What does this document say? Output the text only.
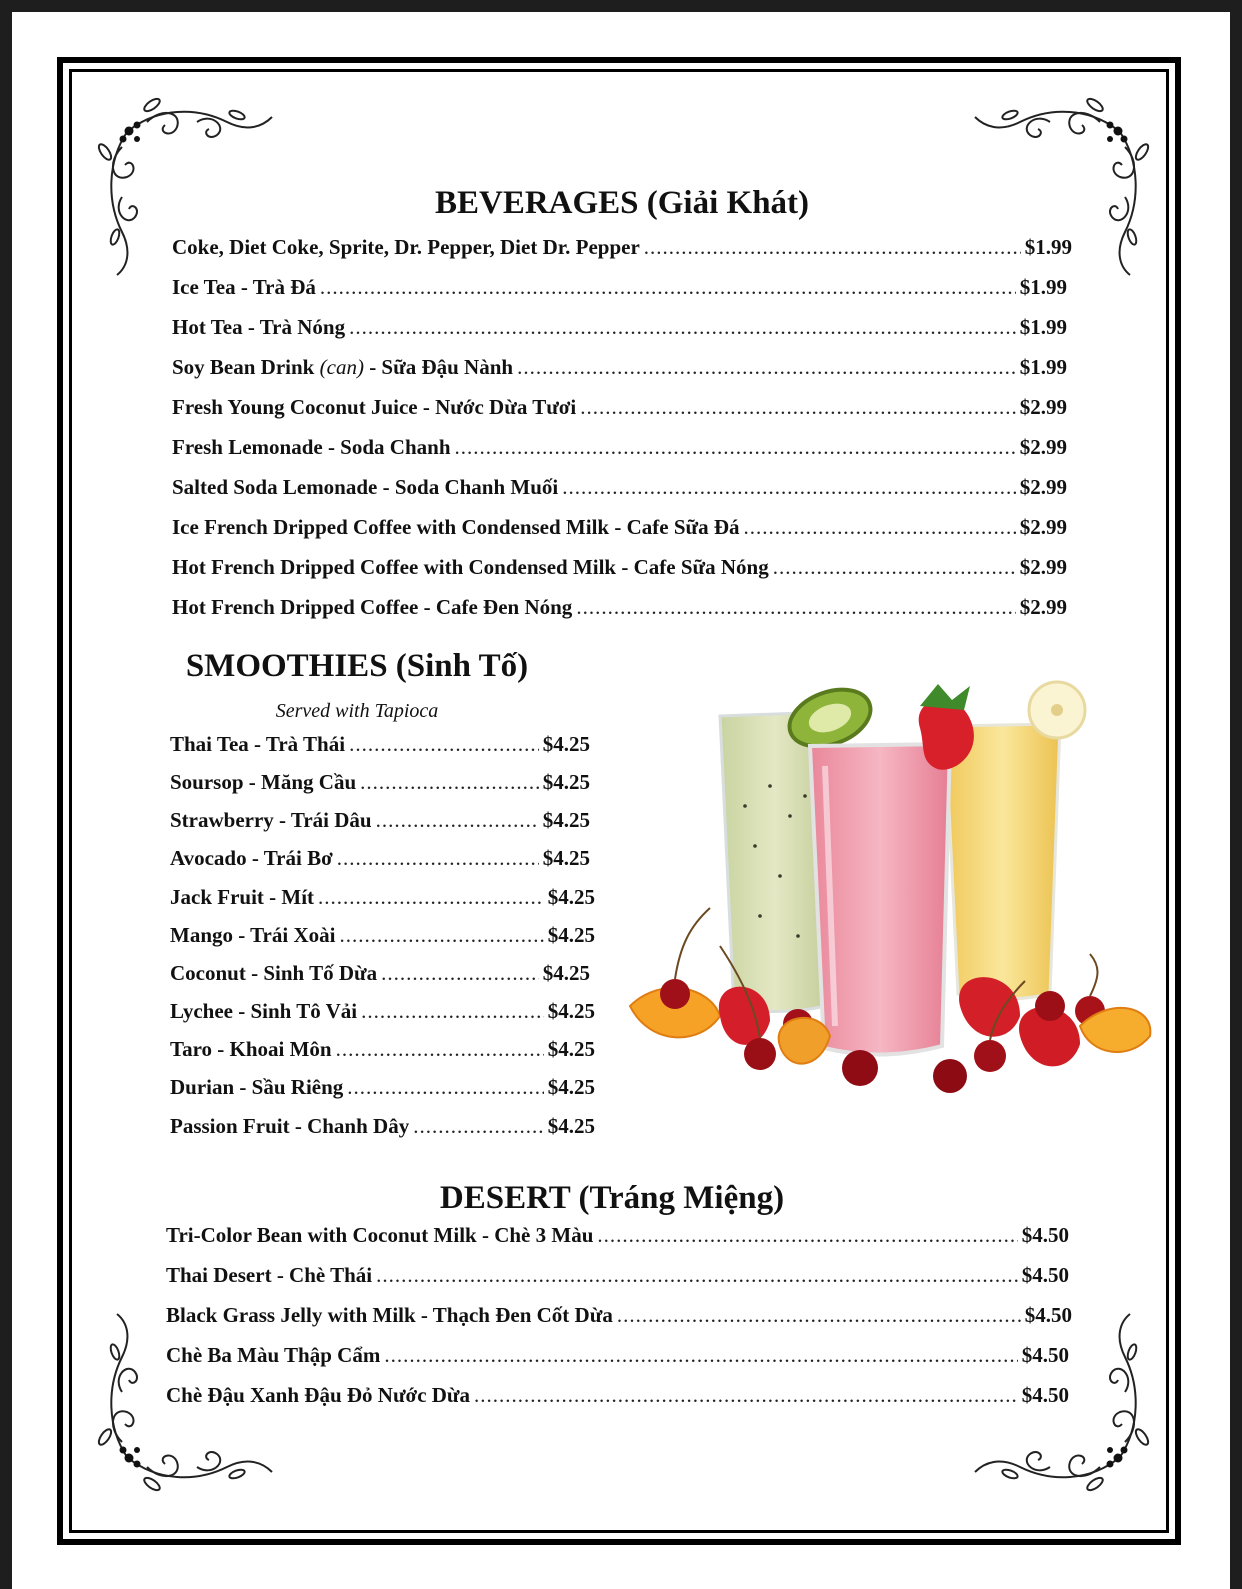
BEVERAGES (Giải Khát)
Coke, Diet Coke, Sprite, Dr. Pepper, Diet Dr. Pepper .....	$1.99
Ice Tea - Trà Đá .....	$1.99
Hot Tea - Trà Nóng .....	$1.99
Soy Bean Drink (can) - Sữa Đậu Nành .....	$1.99
Fresh Young Coconut Juice - Nước Dừa Tươi .....	$2.99
Fresh Lemonade - Soda Chanh .....	$2.99
Salted Soda Lemonade - Soda Chanh Muối .....	$2.99
Ice French Dripped Coffee with Condensed Milk - Cafe Sữa Đá .....	$2.99
Hot French Dripped Coffee with Condensed Milk - Cafe Sữa Nóng .....	$2.99
Hot French Dripped Coffee - Cafe Đen Nóng .....	$2.99
SMOOTHIES (Sinh Tố)
Served with Tapioca
Thai Tea - Trà Thái .....	$4.25
Soursop - Măng Cầu .....	$4.25
Strawberry - Trái Dâu .....	$4.25
Avocado - Trái Bơ .....	$4.25
Jack Fruit - Mít .....	$4.25
Mango - Trái Xoài .....	$4.25
Coconut - Sinh Tố Dừa .....	$4.25
Lychee - Sinh Tô Vải .....	$4.25
Taro - Khoai Môn .....	$4.25
Durian - Sầu Riêng .....	$4.25
Passion Fruit - Chanh Dây .....	$4.25
DESERT (Tráng Miệng)
Tri-Color Bean with Coconut Milk - Chè 3 Màu .....	$4.50
Thai Desert - Chè Thái .....	$4.50
Black Grass Jelly with Milk - Thạch Đen Cốt Dừa .....	$4.50
Chè Ba Màu Thập Cẩm .....	$4.50
Chè Đậu Xanh Đậu Đỏ Nước Dừa .....	$4.50
